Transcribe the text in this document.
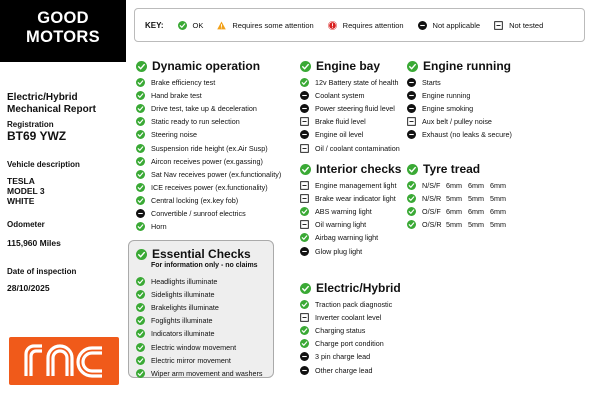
GOOD MOTORS
WWW.GOOD-MOTORS.CO.UK
KEY:	OK	Requires some attention	Requires attention	Not applicable	Not tested
Electric/Hybrid
Mechanical Report
Registration
BT69 YWZ
Vehicle description
TESLA
MODEL 3
WHITE
Odometer
115,960 Miles
Date of inspection
28/10/2025
Dynamic operation
Brake efficiency test
Hand brake test
Drive test, take up & deceleration
Static ready to run selection
Steering noise
Suspension ride height (ex.Air Susp)
Aircon receives power (ex.gassing)
Sat Nav receives power (ex.functionality)
ICE receives power (ex.functionality)
Central locking (ex.key fob)
Convertible / sunroof electrics
Horn
Essential Checks
For information only - no claims
Headlights illuminate
Sidelights illuminate
Brakelights illuminate
Foglights illuminate
Indicators illuminate
Electric window movement
Electric mirror movement
Wiper arm movement and washers
Engine bay
12v Battery state of health
Coolant system
Power steering fluid level
Brake fluid level
Engine oil level
Oil / coolant contamination
Interior checks
Engine management light
Brake wear indicator light
ABS warning light
Oil warning light
Airbag warning light
Glow plug light
Electric/Hybrid
Traction pack diagnostic
Inverter coolant level
Charging status
Charge port condition
3 pin charge lead
Other charge lead
Engine running
Starts
Engine running
Engine smoking
Aux belt / pulley noise
Exhaust (no leaks & secure)
Tyre tread
N/S/F 6mm 6mm 6mm
N/S/R 5mm 5mm 5mm
O/S/F 6mm 6mm 6mm
O/S/R 5mm 5mm 5mm
